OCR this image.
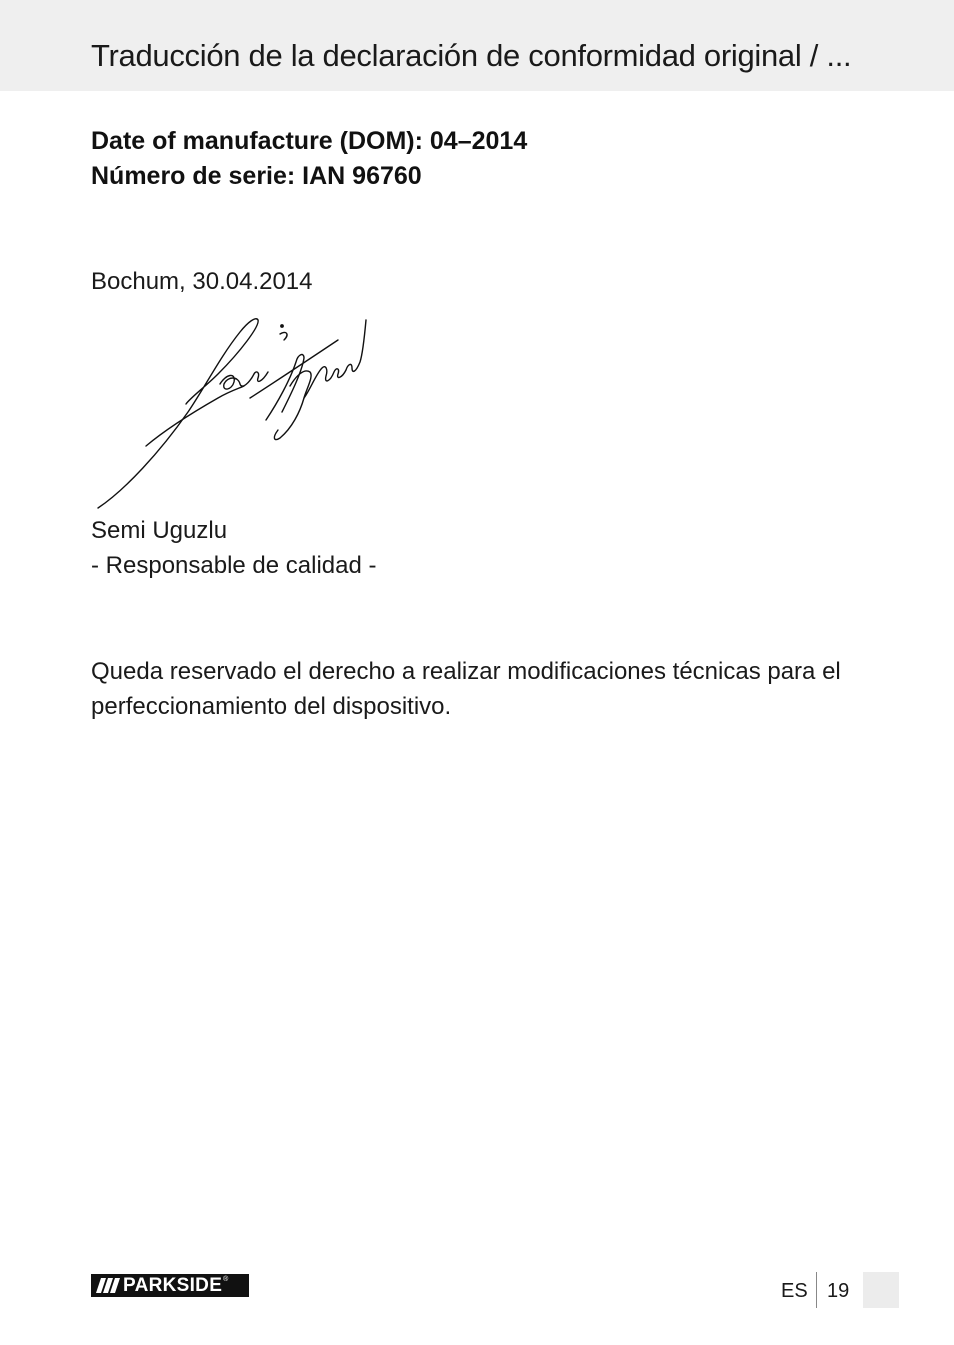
Traducción de la declaración de conformidad original / ...
Date of manufacture (DOM): 04–2014
Número de serie: IAN 96760
Bochum, 30.04.2014
Semi Uguzlu
- Responsable de calidad -
Queda reservado el derecho a realizar modificaciones técnicas para el perfeccionamiento del dispositivo.
PARKSIDE ®
ES 19
